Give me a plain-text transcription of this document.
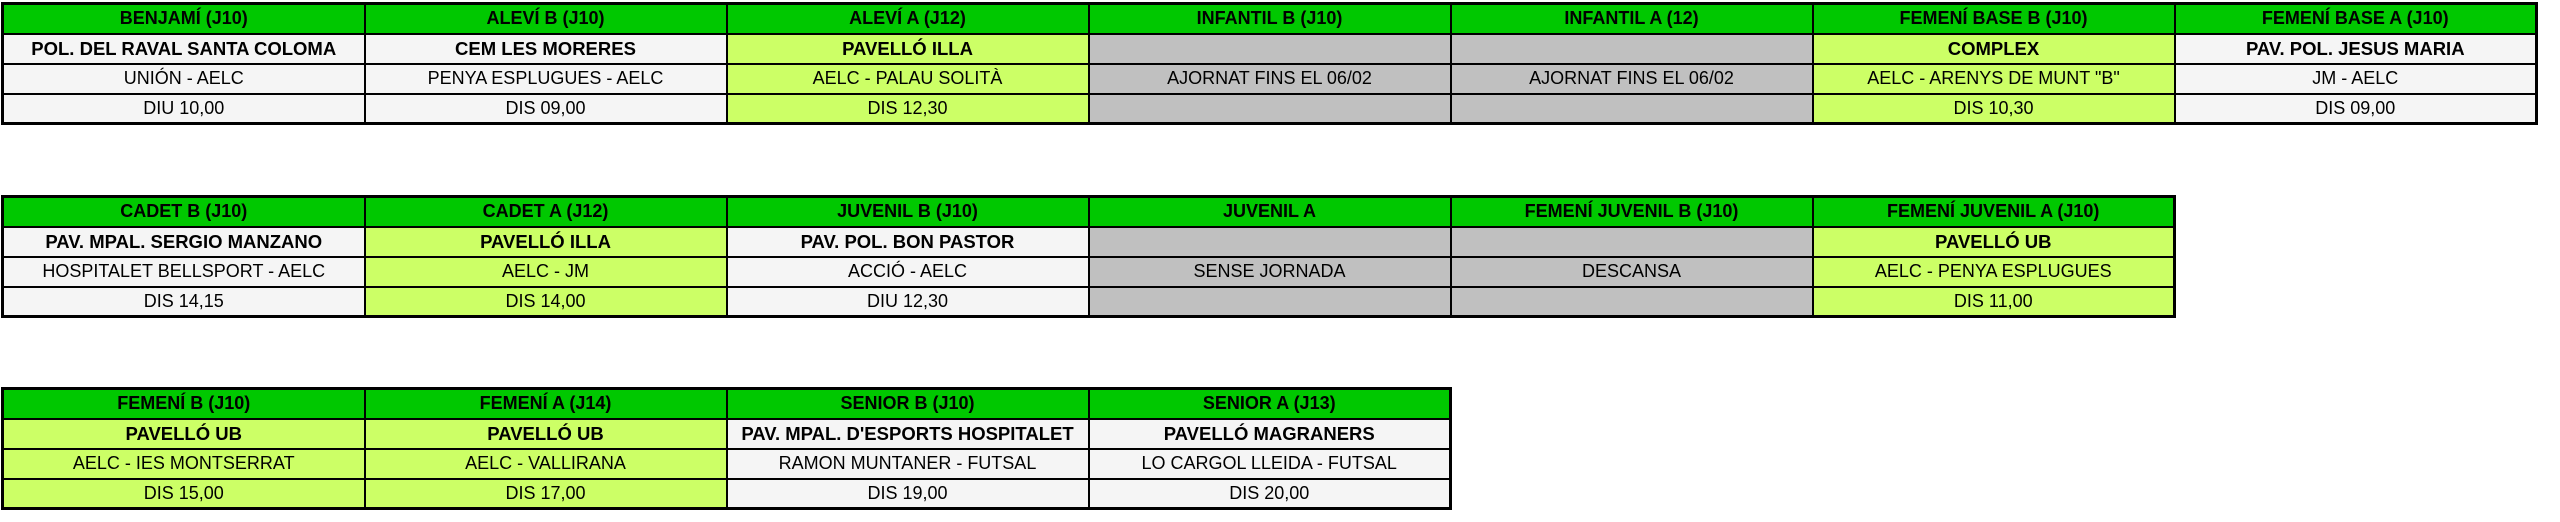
BENJAMÍ (J10)	ALEVÍ B (J10)	ALEVÍ A (J12)	INFANTIL B (J10)	INFANTIL A (12)	FEMENÍ BASE B (J10)	FEMENÍ BASE A (J10)
POL. DEL RAVAL SANTA COLOMA	CEM LES MORERES	PAVELLÓ ILLA			COMPLEX	PAV. POL. JESUS MARIA
UNIÓN - AELC	PENYA ESPLUGUES - AELC	AELC - PALAU SOLITÀ	AJORNAT FINS EL 06/02	AJORNAT FINS EL 06/02	AELC - ARENYS DE MUNT "B"	JM - AELC
DIU 10,00	DIS 09,00	DIS 12,30			DIS 10,30	DIS 09,00
CADET B (J10)	CADET A (J12)	JUVENIL B (J10)	JUVENIL A	FEMENÍ JUVENIL B (J10)	FEMENÍ JUVENIL A (J10)
PAV. MPAL. SERGIO MANZANO	PAVELLÓ ILLA	PAV. POL. BON PASTOR			PAVELLÓ UB
HOSPITALET BELLSPORT - AELC	AELC - JM	ACCIÓ - AELC	SENSE JORNADA	DESCANSA	AELC - PENYA ESPLUGUES
DIS 14,15	DIS 14,00	DIU 12,30			DIS 11,00
FEMENÍ B (J10)	FEMENÍ A (J14)	SENIOR B (J10)	SENIOR A (J13)
PAVELLÓ UB	PAVELLÓ UB	PAV. MPAL. D'ESPORTS HOSPITALET	PAVELLÓ MAGRANERS
AELC - IES MONTSERRAT	AELC - VALLIRANA	RAMON MUNTANER - FUTSAL	LO CARGOL LLEIDA - FUTSAL
DIS 15,00	DIS 17,00	DIS 19,00	DIS 20,00
